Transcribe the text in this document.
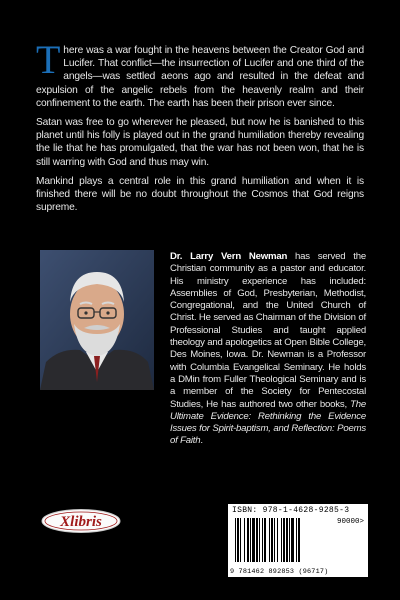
There was a war fought in the heavens between the Creator God and Lucifer. That conflict—the insurrection of Lucifer and one third of the angels—was settled aeons ago and resulted in the defeat and expulsion of the angelic rebels from the heavenly realm and their confinement to the earth. The earth has been their prison ever since.

Satan was free to go wherever he pleased, but now he is banished to this planet until his folly is played out in the grand humiliation thereby revealing the lie that he has promulgated, that the war has not been won, that he is still warring with God and thus may win.

Mankind plays a central role in this grand humiliation and when it is finished there will be no doubt throughout the Cosmos that God reigns supreme.

Dr. Larry Vern Newman has served the Christian community as a pastor and educator. His ministry experience has included: Assemblies of God, Presbyterian, Methodist, Congregational, and the United Church of Christ. He served as Chairman of the Division of Professional Studies and taught applied theology and apologetics at Open Bible College, Des Moines, Iowa. Dr. Newman is a Professor with Columbia Evangelical Seminary. He holds a DMin from Fuller Theological Seminary and is a member of the Society for Pentecostal Studies, He has authored two other books, The Ultimate Evidence: Rethinking the Evidence Issues for Spirit-baptism, and Reflection: Poems of Faith.
Xlibris
ISBN: 978-1-4628-9285-3
90000>
9 781462 892853 (96717)
